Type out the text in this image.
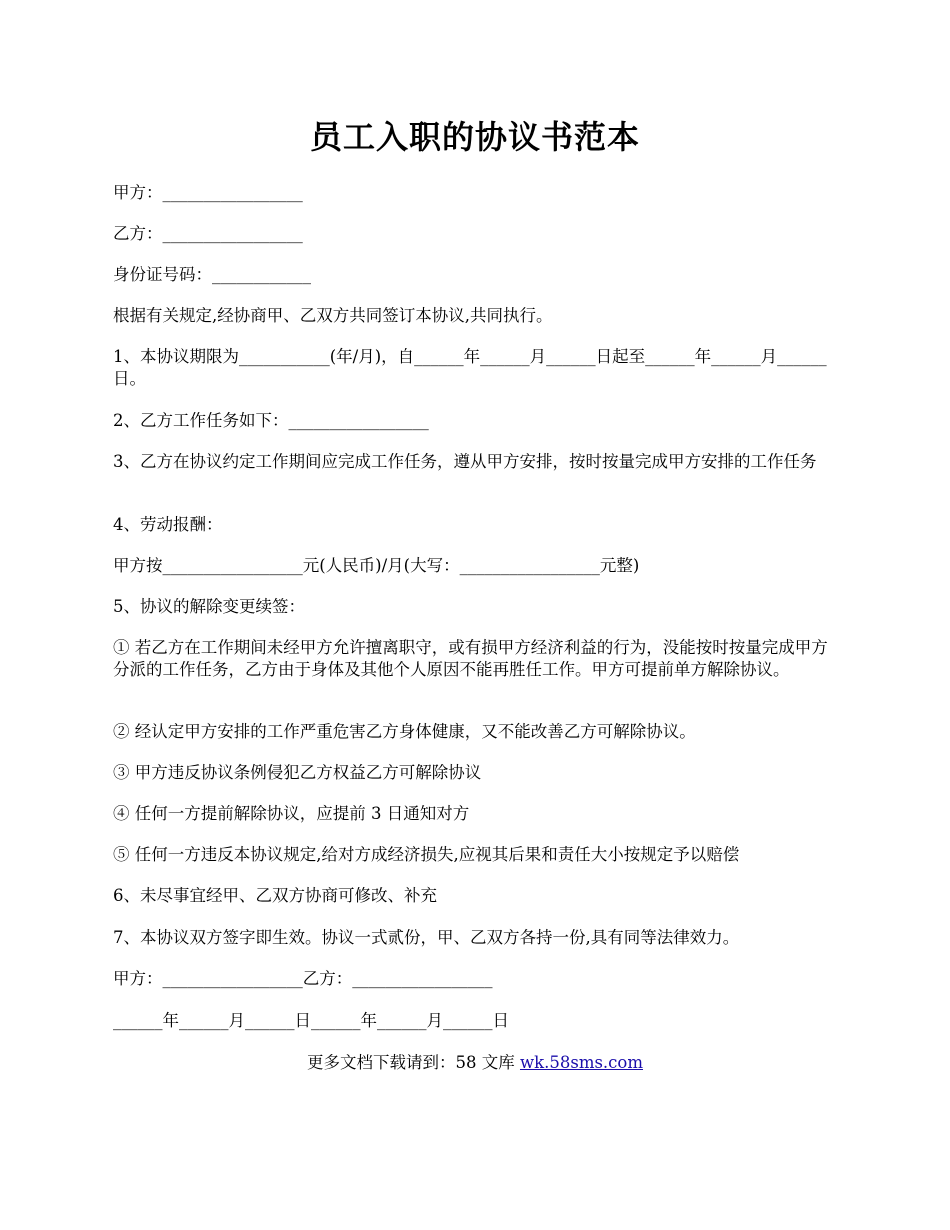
员工入职的协议书范本
甲方：_________________
乙方：_________________
身份证号码：____________
根据有关规定,经协商甲、乙双方共同签订本协议,共同执行。
1、本协议期限为___________(年/月)，自______年______月______日起至______年______月______日。
2、乙方工作任务如下：_________________
3、乙方在协议约定工作期间应完成工作任务，遵从甲方安排，按时按量完成甲方安排的工作任务
4、劳动报酬：
甲方按_________________元(人民币)/月(大写：_________________元整)
5、协议的解除变更续签：
① 若乙方在工作期间未经甲方允许擅离职守，或有损甲方经济利益的行为，没能按时按量完成甲方分派的工作任务，乙方由于身体及其他个人原因不能再胜任工作。甲方可提前单方解除协议。
② 经认定甲方安排的工作严重危害乙方身体健康，又不能改善乙方可解除协议。
③ 甲方违反协议条例侵犯乙方权益乙方可解除协议
④ 任何一方提前解除协议，应提前 3 日通知对方
⑤ 任何一方违反本协议规定,给对方成经济损失,应视其后果和责任大小按规定予以赔偿
6、未尽事宜经甲、乙双方协商可修改、补充
7、本协议双方签字即生效。协议一式贰份，甲、乙双方各持一份,具有同等法律效力。
甲方：_________________乙方：_________________
______年______月______日______年______月______日
更多文档下载请到：58 文库 wk.58sms.com
